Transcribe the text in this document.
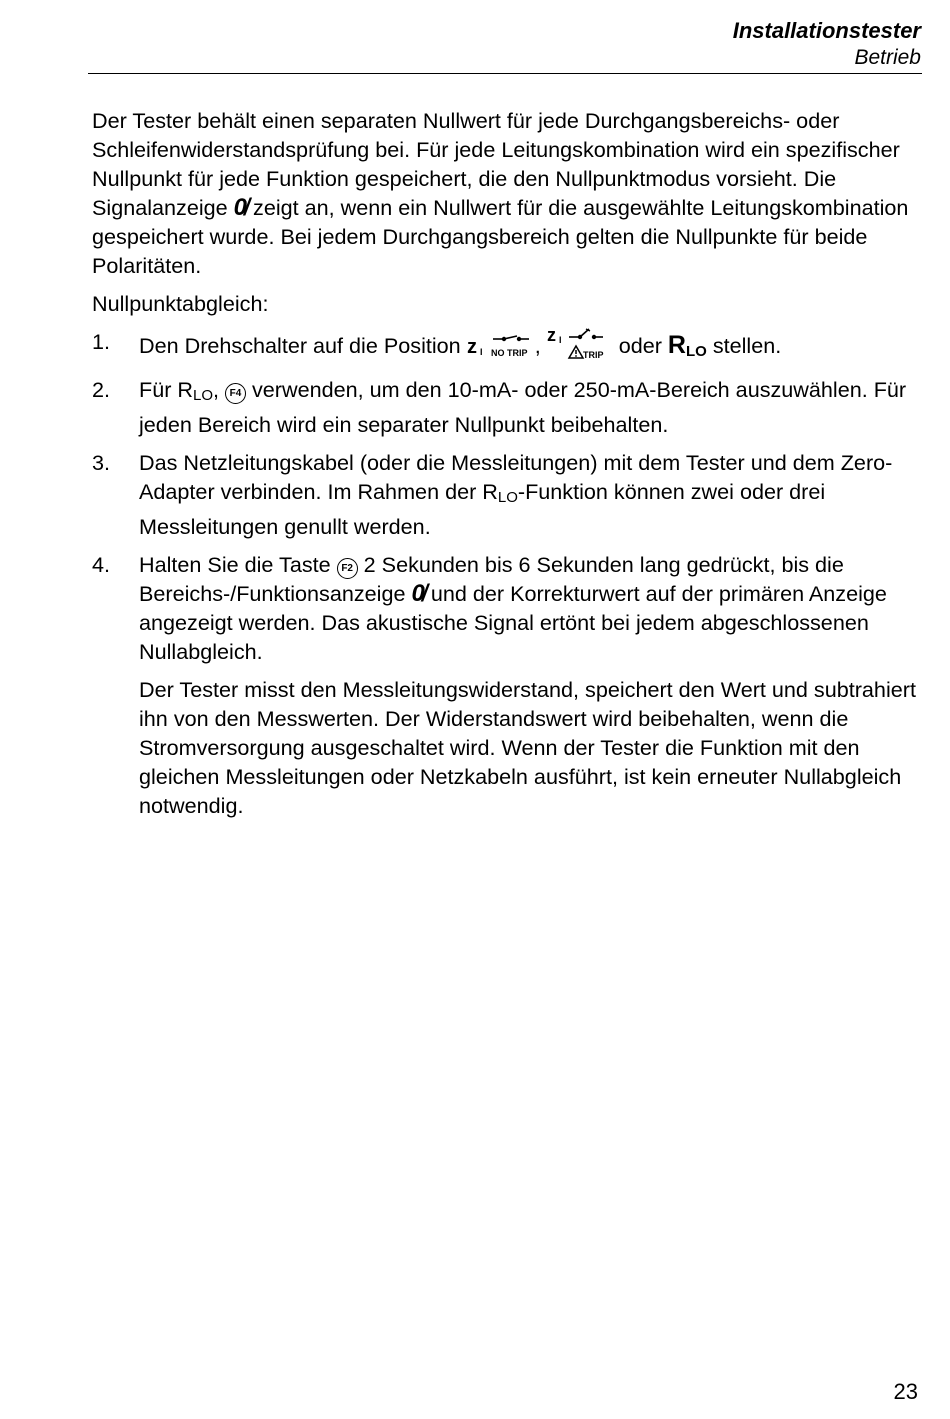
Installationstester
Betrieb

Der Tester behält einen separaten Nullwert für jede Durchgangsbereichs- oder Schleifenwiderstandsprüfung bei. Für jede Leitungskombination wird ein spezifischer Nullpunkt für jede Funktion gespeichert, die den Nullpunktmodus vorsieht. Die Signalanzeige 0̸ zeigt an, wenn ein Nullwert für die ausgewählte Leitungskombination gespeichert wurde. Bei jedem Durchgangsbereich gelten die Nullpunkte für beide Polaritäten.

Nullpunktabgleich:

1.	Den Drehschalter auf die Position z I NO TRIP , z I
TRIP oder $R_{LO}$ stellen.
2.	Für RLO, F4 verwenden, um den 10-mA- oder 250-mA-Bereich auszuwählen. Für jeden Bereich wird ein separater Nullpunkt beibehalten.
3.	Das Netzleitungskabel (oder die Messleitungen) mit dem Tester und dem Zero-Adapter verbinden. Im Rahmen der RLO-Funktion können zwei oder drei Messleitungen genullt werden.
4.	Halten Sie die Taste F2 2 Sekunden bis 6 Sekunden lang gedrückt, bis die Bereichs-/Funktionsanzeige 0̸ und der Korrekturwert auf der primären Anzeige angezeigt werden. Das akustische Signal ertönt bei jedem abgeschlossenen Nullabgleich.

Der Tester misst den Messleitungswiderstand, speichert den Wert und subtrahiert ihn von den Messwerten. Der Widerstandswert wird beibehalten, wenn die Stromversorgung ausgeschaltet wird. Wenn der Tester die Funktion mit den gleichen Messleitungen oder Netzkabeln ausführt, ist kein erneuter Nullabgleich notwendig.

23
